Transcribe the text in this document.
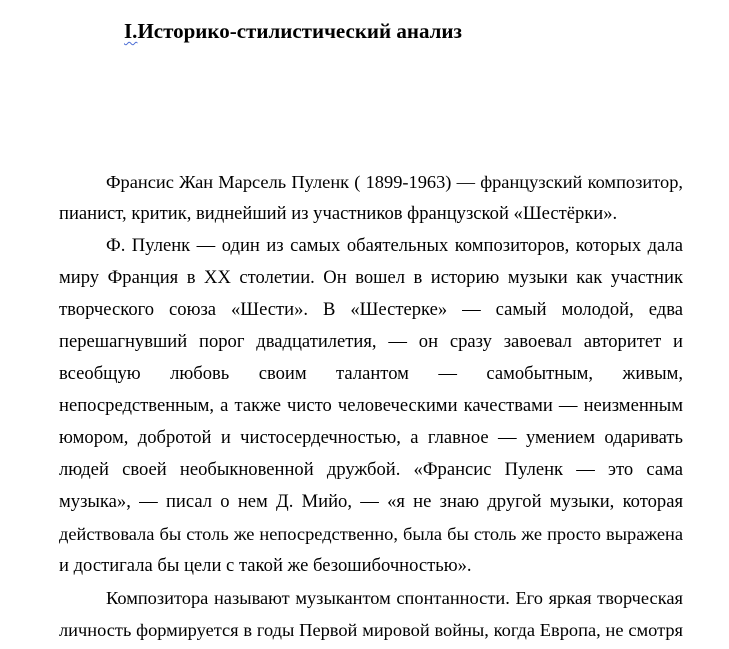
I.Историко-стилистический анализ
Франсис Жан Марсель Пуленк ( 1899-1963) — французский композитор,
пианист, критик, виднейший из участников французской «Шестёрки».
Ф. Пуленк — один из самых обаятельных композиторов, которых дала
миру Франция в XX столетии. Он вошел в историю музыки как участник
творческого союза «Шести». В «Шестерке» — самый молодой, едва
перешагнувший порог двадцатилетия, — он сразу завоевал авторитет и
всеобщую любовь своим талантом — самобытным, живым,
непосредственным, а также чисто человеческими качествами — неизменным
юмором, добротой и чистосердечностью, а главное — умением одаривать
людей своей необыкновенной дружбой. «Франсис Пуленк — это сама
музыка», — писал о нем Д. Мийо, — «я не знаю другой музыки, которая
действовала бы столь же непосредственно, была бы столь же просто выражена
и достигала бы цели с такой же безошибочностью».
Композитора называют музыкантом спонтанности. Его яркая творческая
личность формируется в годы Первой мировой войны, когда Европа, не смотря
